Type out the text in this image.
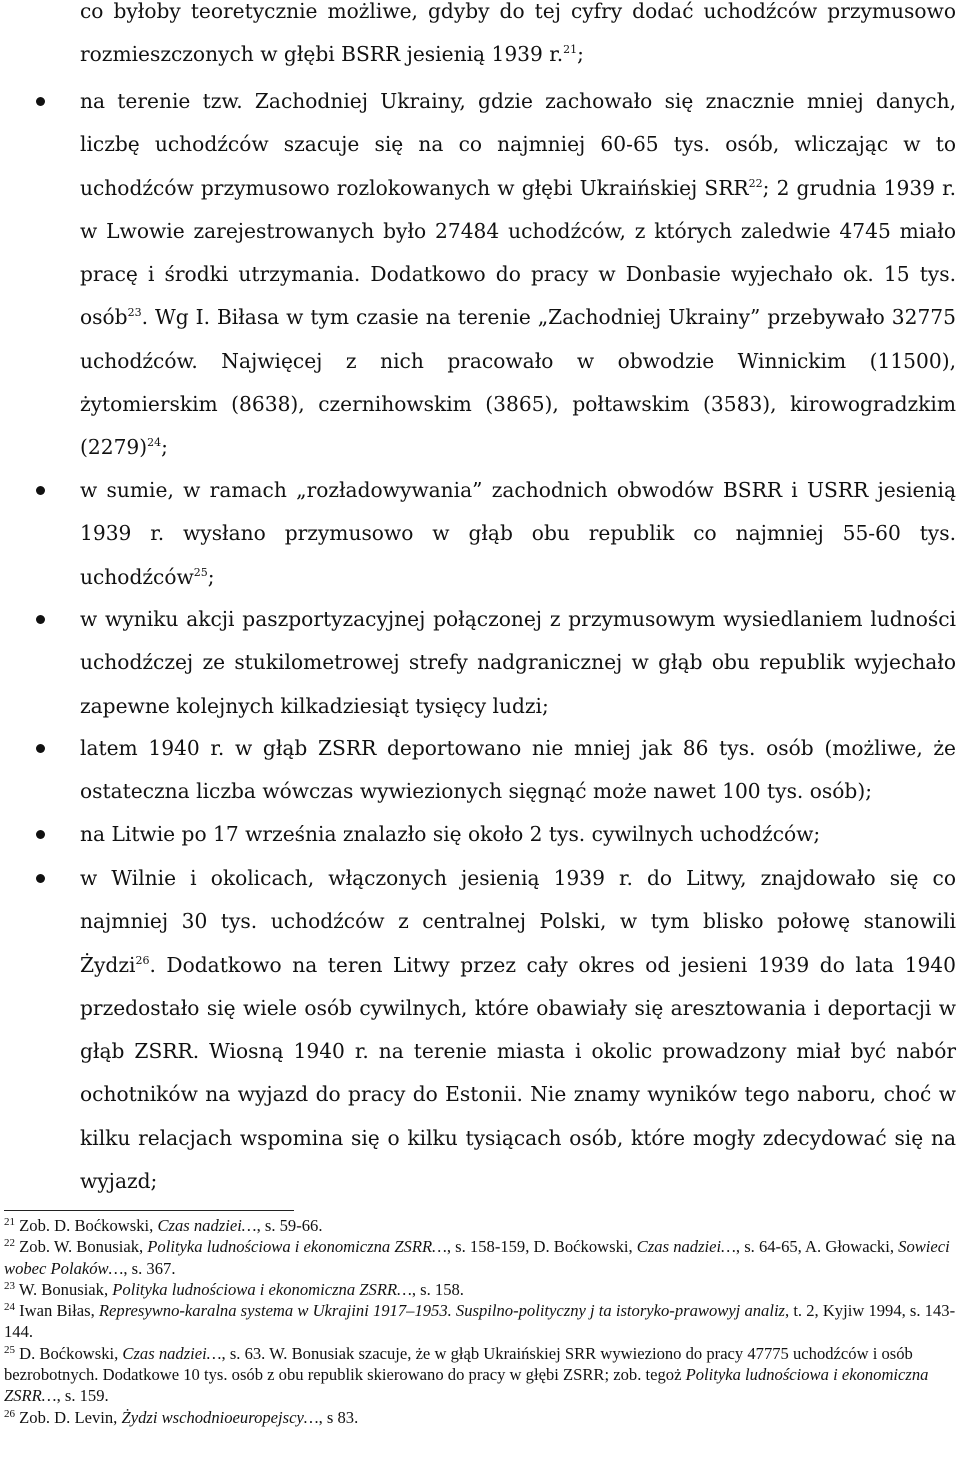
co byłoby teoretycznie możliwe, gdyby do tej cyfry dodać uchodźców przymusowo rozmieszczonych w głębi BSRR jesienią 1939 r.$^{21}$;
na terenie tzw. Zachodniej Ukrainy, gdzie zachowało się znacznie mniej danych, liczbę uchodźców szacuje się na co najmniej 60-65 tys. osób, wliczając w to uchodźców przymusowo rozlokowanych w głębi Ukraińskiej SRR$^{22}$; 2 grudnia 1939 r. w Lwowie zarejestrowanych było 27484 uchodźców, z których zaledwie 4745 miało pracę i środki utrzymania. Dodatkowo do pracy w Donbasie wyjechało ok. 15 tys. osób$^{23}$. Wg I. Biłasa w tym czasie na terenie „Zachodniej Ukrainy” przebywało 32775 uchodźców. Najwięcej z nich pracowało w obwodzie Winnickim (11500), żytomierskim (8638), czernihowskim (3865), połtawskim (3583), kirowogradzkim $(2279)^{24}$;
w sumie, w ramach „rozładowywania” zachodnich obwodów BSRR i USRR jesienią 1939 r. wysłano przymusowo w głąb obu republik co najmniej 55-60 tys. uchodźców$^{25}$;
w wyniku akcji paszportyzacyjnej połączonej z przymusowym wysiedlaniem ludności uchodźczej ze stukilometrowej strefy nadgranicznej w głąb obu republik wyjechało zapewne kolejnych kilkadziesiąt tysięcy ludzi;
latem 1940 r. w głąb ZSRR deportowano nie mniej jak 86 tys. osób (możliwe, że ostateczna liczba wówczas wywiezionych sięgnąć może nawet 100 tys. osób);
na Litwie po 17 września znalazło się około 2 tys. cywilnych uchodźców;
w Wilnie i okolicach, włączonych jesienią 1939 r. do Litwy, znajdowało się co najmniej 30 tys. uchodźców z centralnej Polski, w tym blisko połowę stanowili Żydzi$^{26}$. Dodatkowo na teren Litwy przez cały okres od jesieni 1939 do lata 1940 przedostało się wiele osób cywilnych, które obawiały się aresztowania i deportacji w głąb ZSRR. Wiosną 1940 r. na terenie miasta i okolic prowadzony miał być nabór ochotników na wyjazd do pracy do Estonii. Nie znamy wyników tego naboru, choć w kilku relacjach wspomina się o kilku tysiącach osób, które mogły zdecydować się na wyjazd;

$^{21}$ Zob. D. Boćkowski, Czas nadziei…, s. 59-66.

$^{22}$ Zob. W. Bonusiak, Polityka ludnościowa i ekonomiczna ZSRR…, s. 158-159, D. Boćkowski, Czas nadziei…, s. 64-65, A. Głowacki, Sowieci wobec Polaków…, s. 367.

$^{23}$ W. Bonusiak, Polityka ludnościowa i ekonomiczna ZSRR…, s. 158.

$^{24}$ Iwan Biłas, Represywno-karalna systema w Ukrajini 1917–1953. Suspilno-polityczny j ta istoryko-prawowyj analiz, t. 2, Kyjiw 1994, s. 143-144.

$^{25}$ D. Boćkowski, Czas nadziei…, s. 63. W. Bonusiak szacuje, że w głąb Ukraińskiej SRR wywieziono do pracy 47775 uchodźców i osób bezrobotnych. Dodatkowe 10 tys. osób z obu republik skierowano do pracy w głębi ZSRR; zob. tegoż Polityka ludnościowa i ekonomiczna ZSRR…, s. 159.

$^{26}$ Zob. D. Levin, Żydzi wschodnioeuropejscy…, s 83.
